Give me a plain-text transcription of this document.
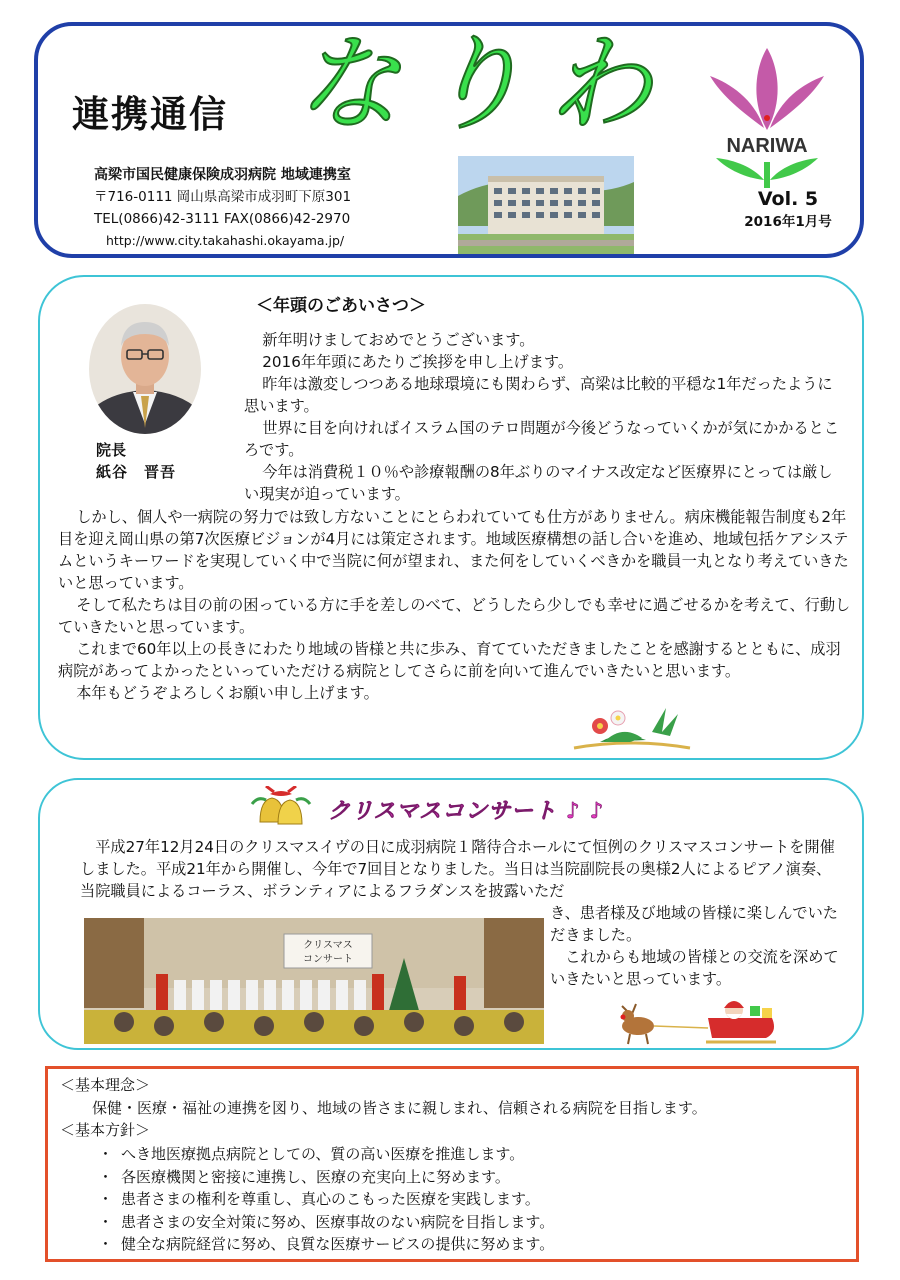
連携通信 なりわ
高梁市国民健康保険成羽病院 地域連携室
〒716-0111 岡山県高梁市成羽町下原301
TEL(0866)42-3111 FAX(0866)42-2970
http://www.city.takahashi.okayama.jp/
NARIWA
Vol. 5
2016年1月号
＜年頭のごあいさつ＞
院長
紙谷　晋吾

新年明けましておめでとうございます。

2016年年頭にあたりご挨拶を申し上げます。

昨年は激変しつつある地球環境にも関わらず、高梁は比較的平穏な1年だったように思います。

世界に目を向ければイスラム国のテロ問題が今後どうなっていくかが気にかかるところです。

今年は消費税１０％や診療報酬の8年ぶりのマイナス改定など医療界にとっては厳しい現実が迫っています。

しかし、個人や一病院の努力では致し方ないことにとらわれていても仕方がありません。病床機能報告制度も2年目を迎え岡山県の第7次医療ビジョンが4月には策定されます。地域医療構想の話し合いを進め、地域包括ケアシステムというキーワードを実現していく中で当院に何が望まれ、また何をしていくべきかを職員一丸となり考えていきたいと思っています。

そして私たちは目の前の困っている方に手を差しのべて、どうしたら少しでも幸せに過ごせるかを考えて、行動していきたいと思っています。

これまで60年以上の長きにわたり地域の皆様と共に歩み、育てていただきましたことを感謝するとともに、成羽病院があってよかったといっていただける病院としてさらに前を向いて進んでいきたいと思います。

本年もどうぞよろしくお願い申し上げます。

クリスマスコンサート ♪ ♪

　平成27年12月24日のクリスマスイヴの日に成羽病院１階待合ホールにて恒例のクリスマスコンサートを開催しました。平成21年から開催し、今年で7回目となりました。当日は当院副院長の奥様2人によるピアノ演奏、当院職員によるコーラス、ボランティアによるフラダンスを披露いただ

き、患者様及び地域の皆様に楽しんでいただきました。

　これからも地域の皆様との交流を深めていきたいと思っています。

クリスマス
コンサート
＜基本理念＞
保健・医療・福祉の連携を図り、地域の皆さまに親しまれ、信頼される病院を目指します。
＜基本方針＞
・ へき地医療拠点病院としての、質の高い医療を推進します。
・ 各医療機関と密接に連携し、医療の充実向上に努めます。
・ 患者さまの権利を尊重し、真心のこもった医療を実践します。
・ 患者さまの安全対策に努め、医療事故のない病院を目指します。
・ 健全な病院経営に努め、良質な医療サービスの提供に努めます。
